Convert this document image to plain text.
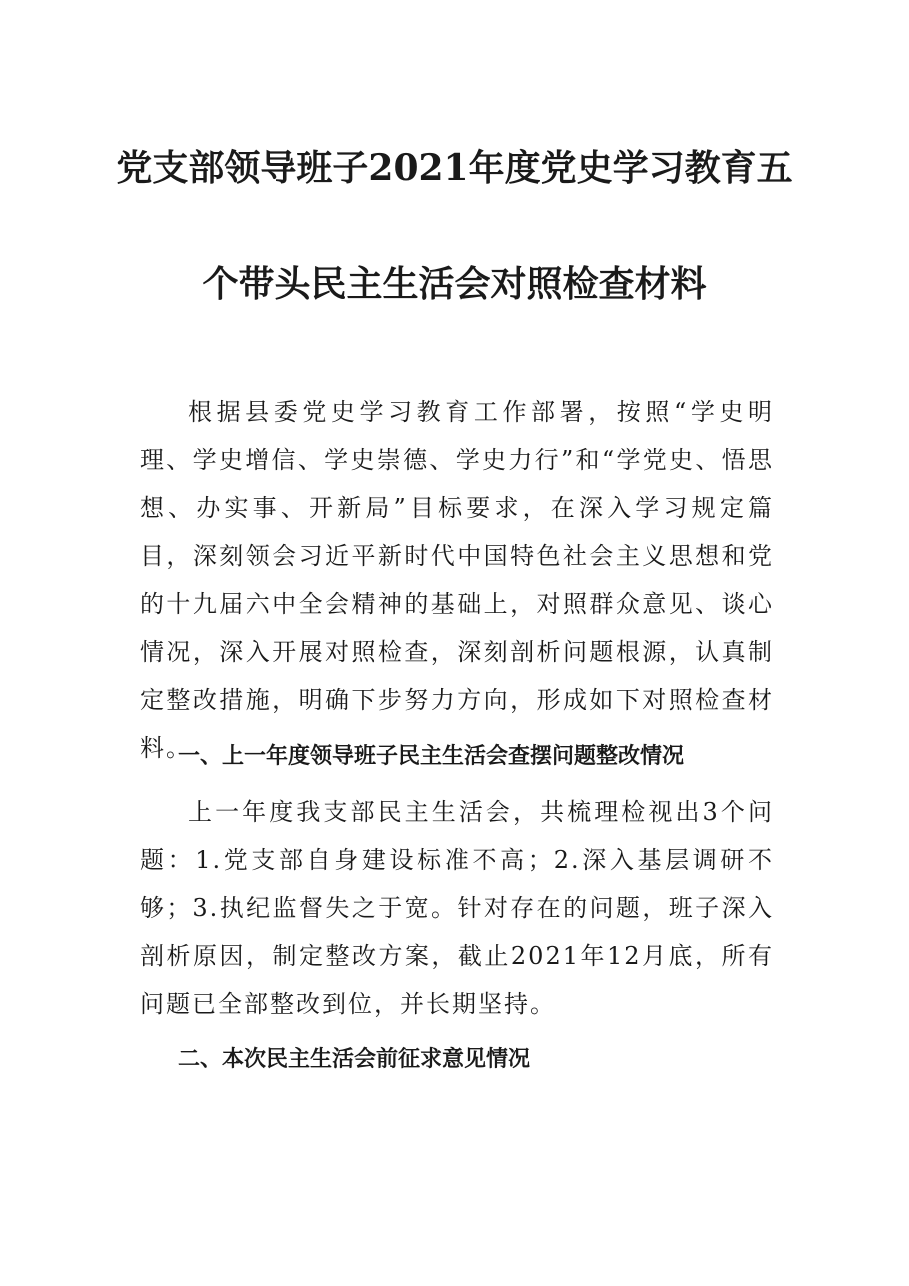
党支部领导班子2021年度党史学习教育五
个带头民主生活会对照检查材料

根据县委党史学习教育工作部署，按照“学史明理、学史增信、学史崇德、学史力行”和“学党史、悟思想、办实事、开新局”目标要求，在深入学习规定篇目，深刻领会习近平新时代中国特色社会主义思想和党的十九届六中全会精神的基础上，对照群众意见、谈心情况，深入开展对照检查，深刻剖析问题根源，认真制定整改措施，明确下步努力方向，形成如下对照检查材料。

一、上一年度领导班子民主生活会查摆问题整改情况

上一年度我支部民主生活会，共梳理检视出3个问题：1.党支部自身建设标准不高；2.深入基层调研不够；3.执纪监督失之于宽。针对存在的问题，班子深入剖析原因，制定整改方案，截止2021年12月底，所有问题已全部整改到位，并长期坚持。

二、本次民主生活会前征求意见情况
